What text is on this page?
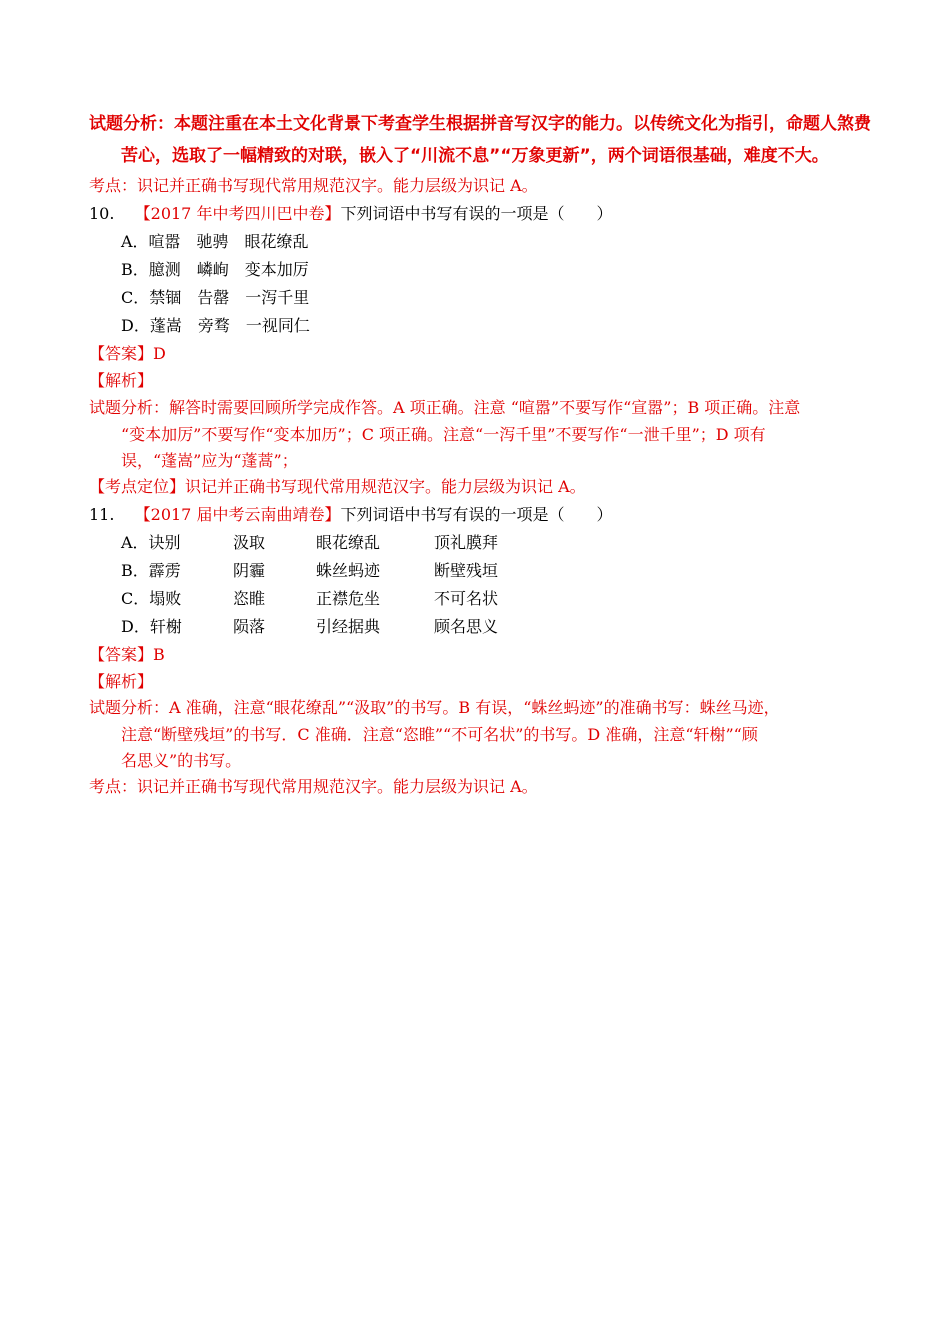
试题分析：本题注重在本土文化背景下考查学生根据拼音写汉字的能力。以传统文化为指引，命题人煞费
苦心，选取了一幅精致的对联，嵌入了“川流不息”“万象更新”，两个词语很基础，难度不大。
考点：识记并正确书写现代常用规范汉字。能力层级为识记 A。
10. 【2017 年中考四川巴中卷】下列词语中书写有误的一项是（　　）
A．喧嚣　驰骋　眼花缭乱
B．臆测　嶙峋　变本加厉
C．禁锢　告罄　一泻千里
D．蓬嵩　旁骛　一视同仁
【答案】D
【解析】
试题分析：解答时需要回顾所学完成作答。A 项正确。注意 “喧嚣”不要写作“宣嚣”；B 项正确。注意
“变本加厉”不要写作“变本加历”；C 项正确。注意“一泻千里”不要写作“一泄千里”；D 项有
误，“蓬嵩”应为“蓬蒿”；
【考点定位】识记并正确书写现代常用规范汉字。能力层级为识记 A。
11. 【2017 届中考云南曲靖卷】下列词语中书写有误的一项是（　　）
A．诀别	汲取	眼花缭乱	顶礼膜拜
B．霹雳	阴霾	蛛丝蚂迹	断壁残垣
C．塌败	恣睢	正襟危坐	不可名状
D．轩榭	陨落	引经据典	顾名思义
【答案】B
【解析】
试题分析：A 准确，注意“眼花缭乱”“汲取”的书写。B 有误，“蛛丝蚂迹”的准确书写：蛛丝马迹，
注意“断壁残垣”的书写．C 准确．注意“恣睢”“不可名状”的书写。D 准确，注意“轩榭”“顾
名思义”的书写。
考点：识记并正确书写现代常用规范汉字。能力层级为识记 A。
